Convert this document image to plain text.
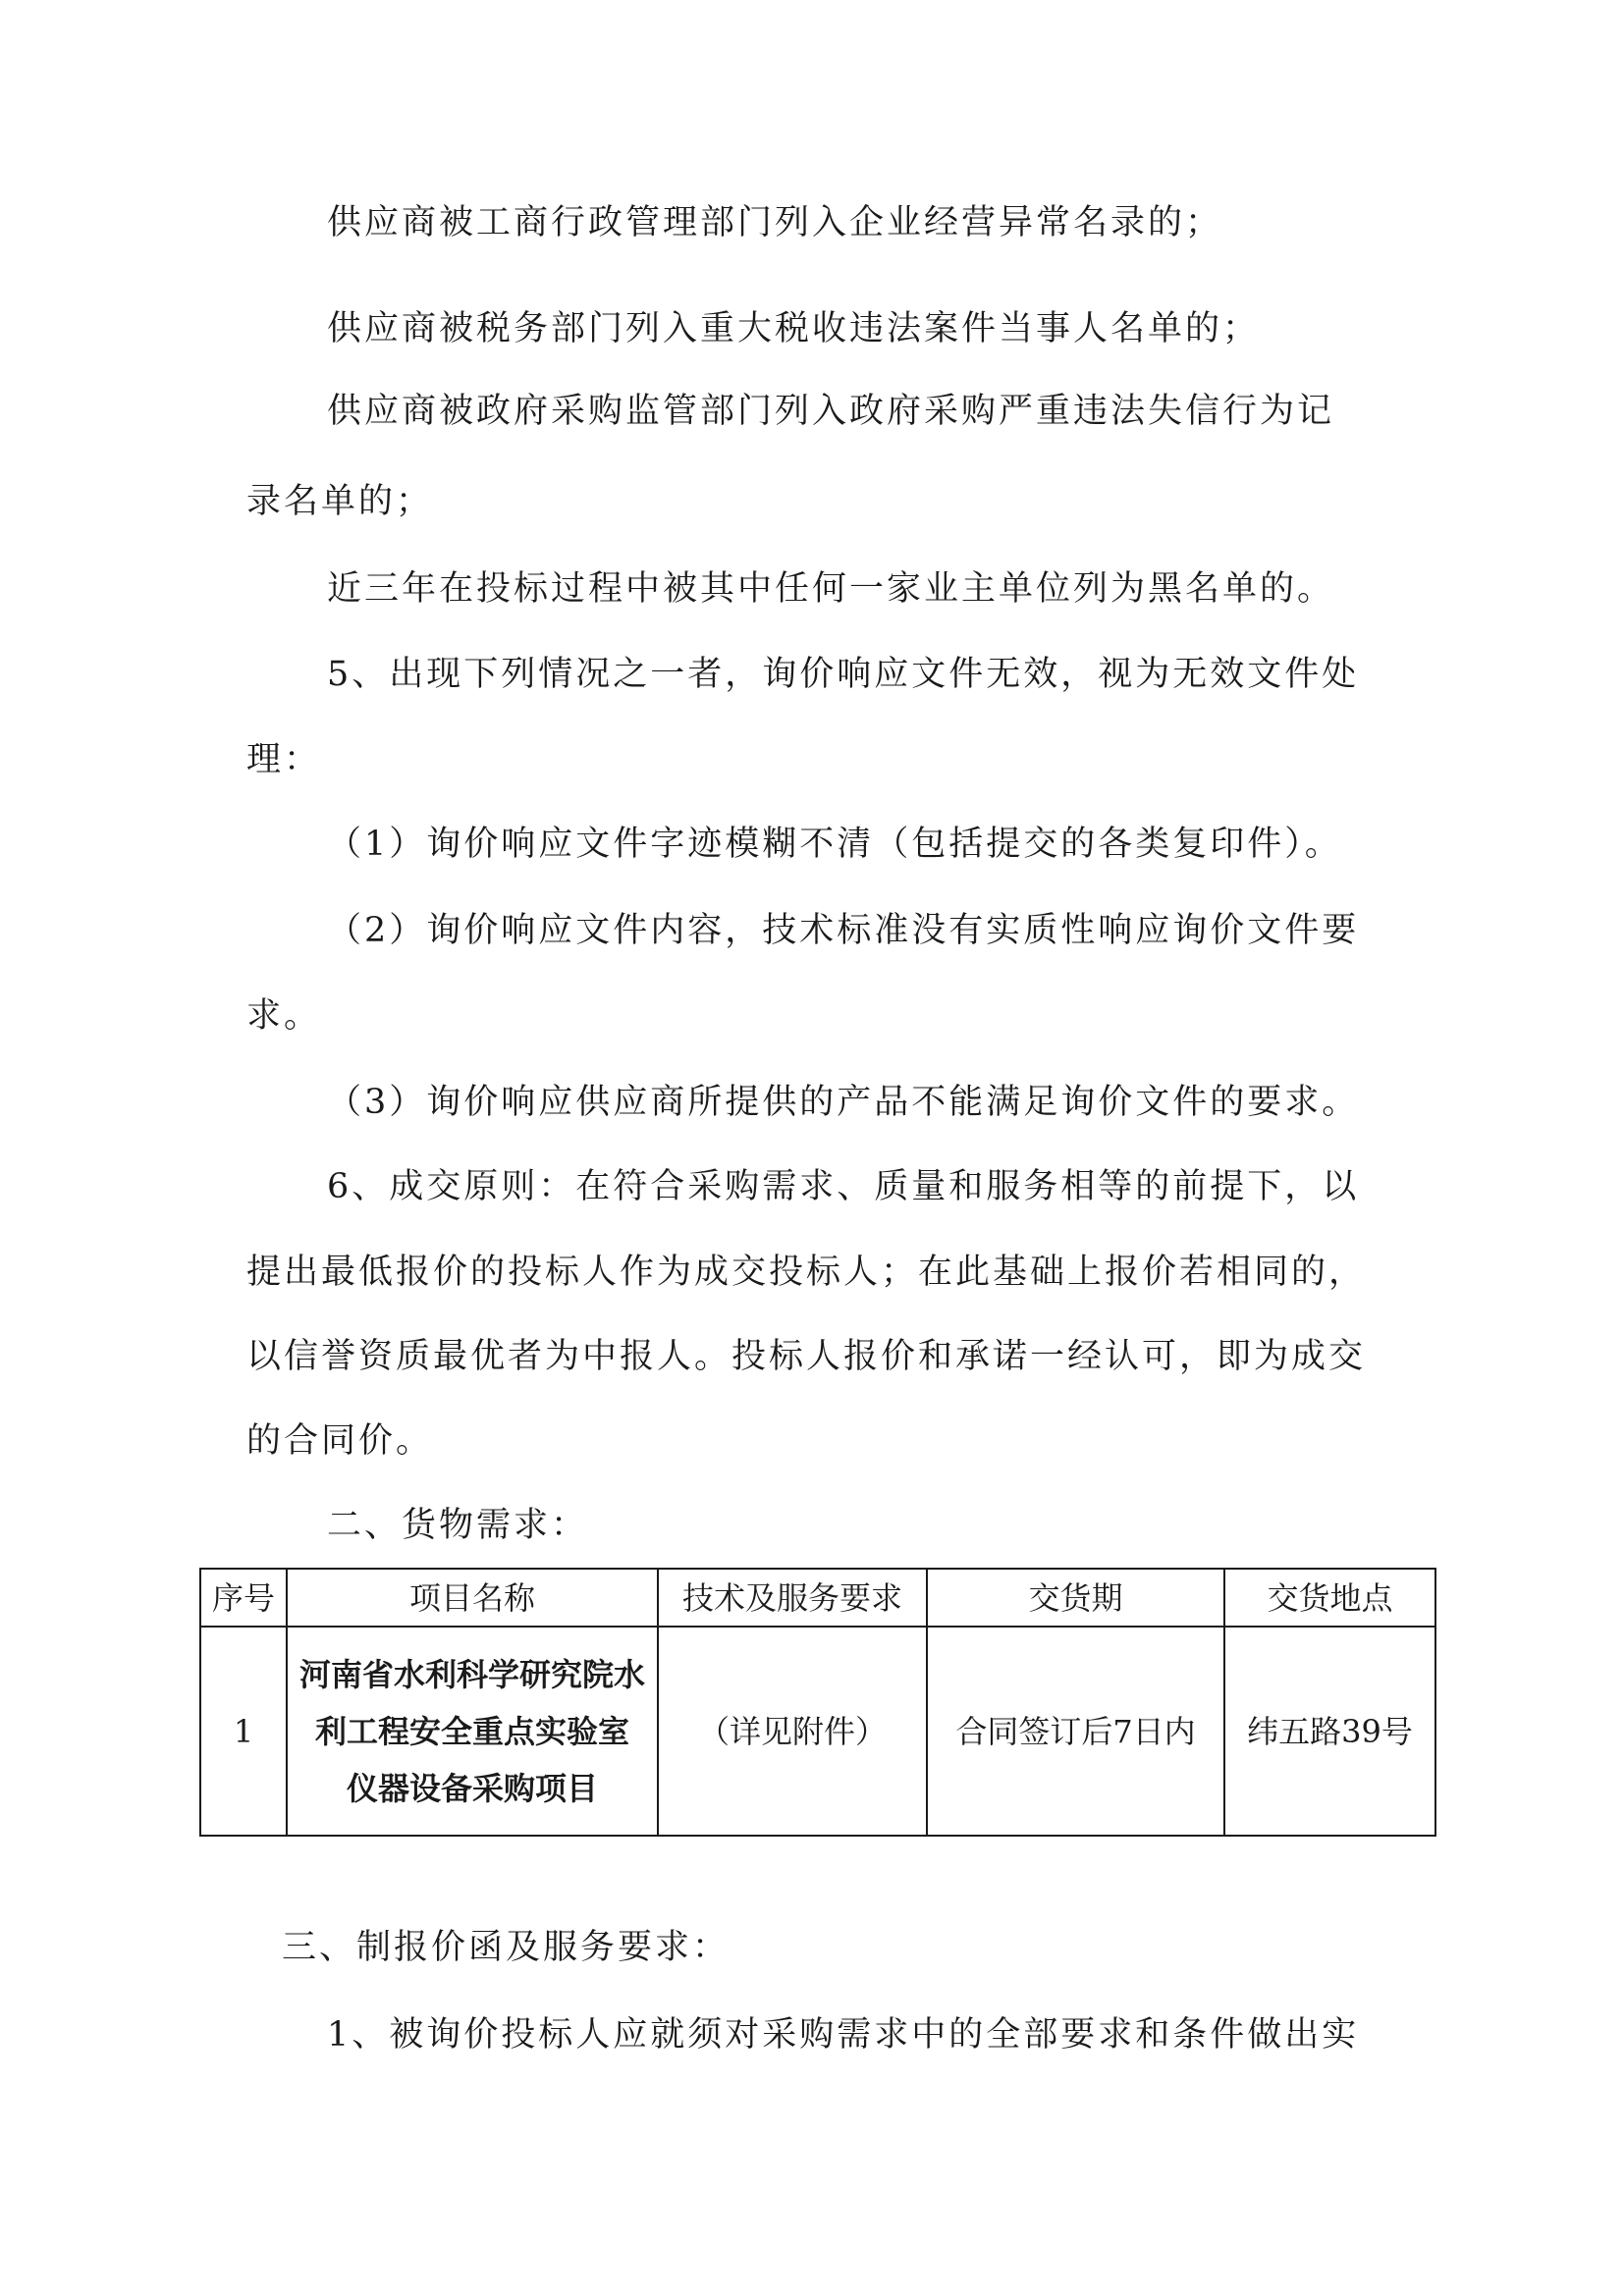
供应商被工商行政管理部门列入企业经营异常名录的；
供应商被税务部门列入重大税收违法案件当事人名单的；
供应商被政府采购监管部门列入政府采购严重违法失信行为记
录名单的；
近三年在投标过程中被其中任何一家业主单位列为黑名单的。
5、出现下列情况之一者，询价响应文件无效，视为无效文件处
理：
（1）询价响应文件字迹模糊不清（包括提交的各类复印件）。
（2）询价响应文件内容，技术标准没有实质性响应询价文件要
求。
（3）询价响应供应商所提供的产品不能满足询价文件的要求。
6、成交原则：在符合采购需求、质量和服务相等的前提下，以
提出最低报价的投标人作为成交投标人；在此基础上报价若相同的，
以信誉资质最优者为中报人。投标人报价和承诺一经认可，即为成交
的合同价。
二、货物需求：
序号	项目名称	技术及服务要求	交货期	交货地点
1	河南省水利科学研究院水
利工程安全重点实验室
仪器设备采购项目	（详见附件）	合同签订后7日内	纬五路39号
三、制报价函及服务要求：
1、被询价投标人应就须对采购需求中的全部要求和条件做出实
